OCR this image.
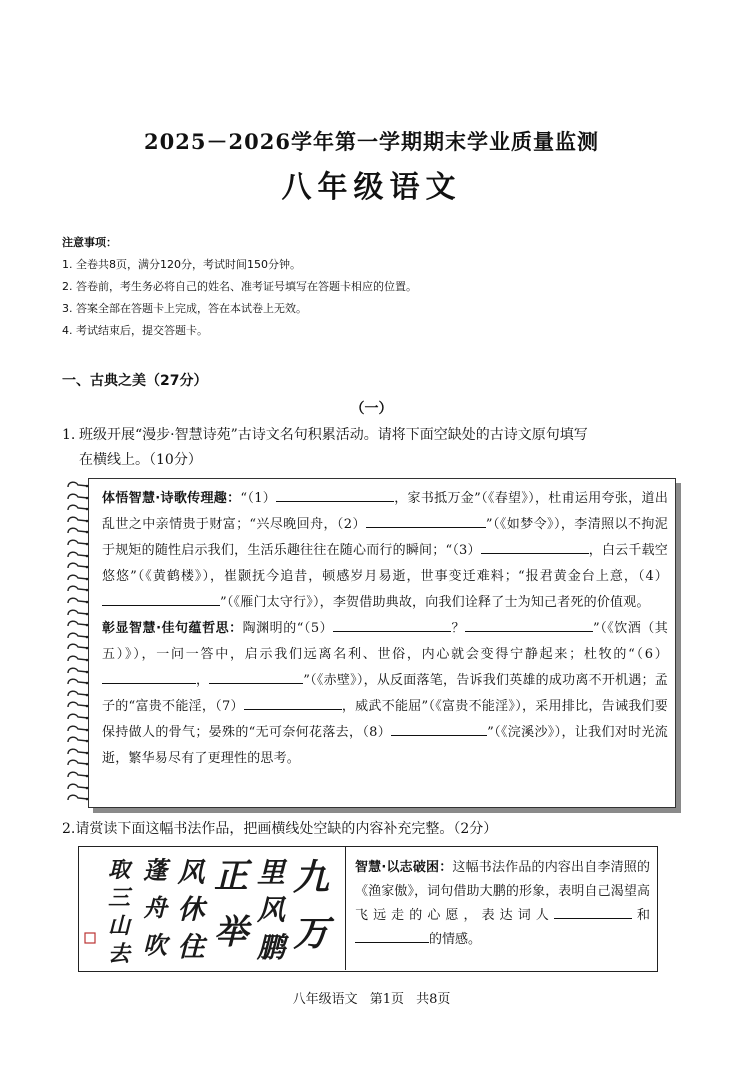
2025－2026学年第一学期期末学业质量监测
八年级语文
注意事项：
1. 全卷共8页，满分120分，考试时间150分钟。
2. 答卷前，考生务必将自己的姓名、准考证号填写在答题卡相应的位置。
3. 答案全部在答题卡上完成，答在本试卷上无效。
4. 考试结束后，提交答题卡。
一、古典之美（27分）
（一）
1. 班级开展“漫步·智慧诗苑”古诗文名句积累活动。请将下面空缺处的古诗文原句填写
在横线上。（10分）
体悟智慧·诗歌传理趣：“（1）	，家书抵万金”（《春望》），杜甫运用夸张，道出乱世之中亲情贵于财富；“兴尽晚回舟，（2）	”（《如梦令》），李清照以不拘泥于规矩的随性启示我们，生活乐趣往往在随心而行的瞬间；“（3）	，白云千载空悠悠”（《黄鹤楼》），崔颢抚今追昔，顿感岁月易逝，世事变迁难料；“报君黄金台上意，（4）”（《雁门太守行》），李贺借助典故，向我们诠释了士为知己者死的价值观。
彰显智慧·佳句蕴哲思：陶渊明的“（5）	？	”（《饮酒（其五）》），一问一答中，启示我们远离名利、世俗，内心就会变得宁静起来；杜牧的“（6），	”（《赤壁》），从反面落笔，告诉我们英雄的成功离不开机遇；孟子的“富贵不能淫，（7）	，威武不能屈”（《富贵不能淫》），采用排比，告诫我们要保持做人的骨气；晏殊的“无可奈何花落去，（8）	”（《浣溪沙》），让我们对时光流逝，繁华易尽有了更理性的思考。
2.请赏读下面这幅书法作品，把画横线处空缺的内容补充完整。（2分）
九
万
里
风
鹏
正
举
风
休
住
蓬
舟
吹
取
三
山
去
智慧·以志破困：这幅书法作品的内容出自李清照的《渔家傲》，词句借助大鹏的形象，表明自己渴望高飞远走的心愿，表达词人	和的情感。
八年级语文 第1页 共8页
